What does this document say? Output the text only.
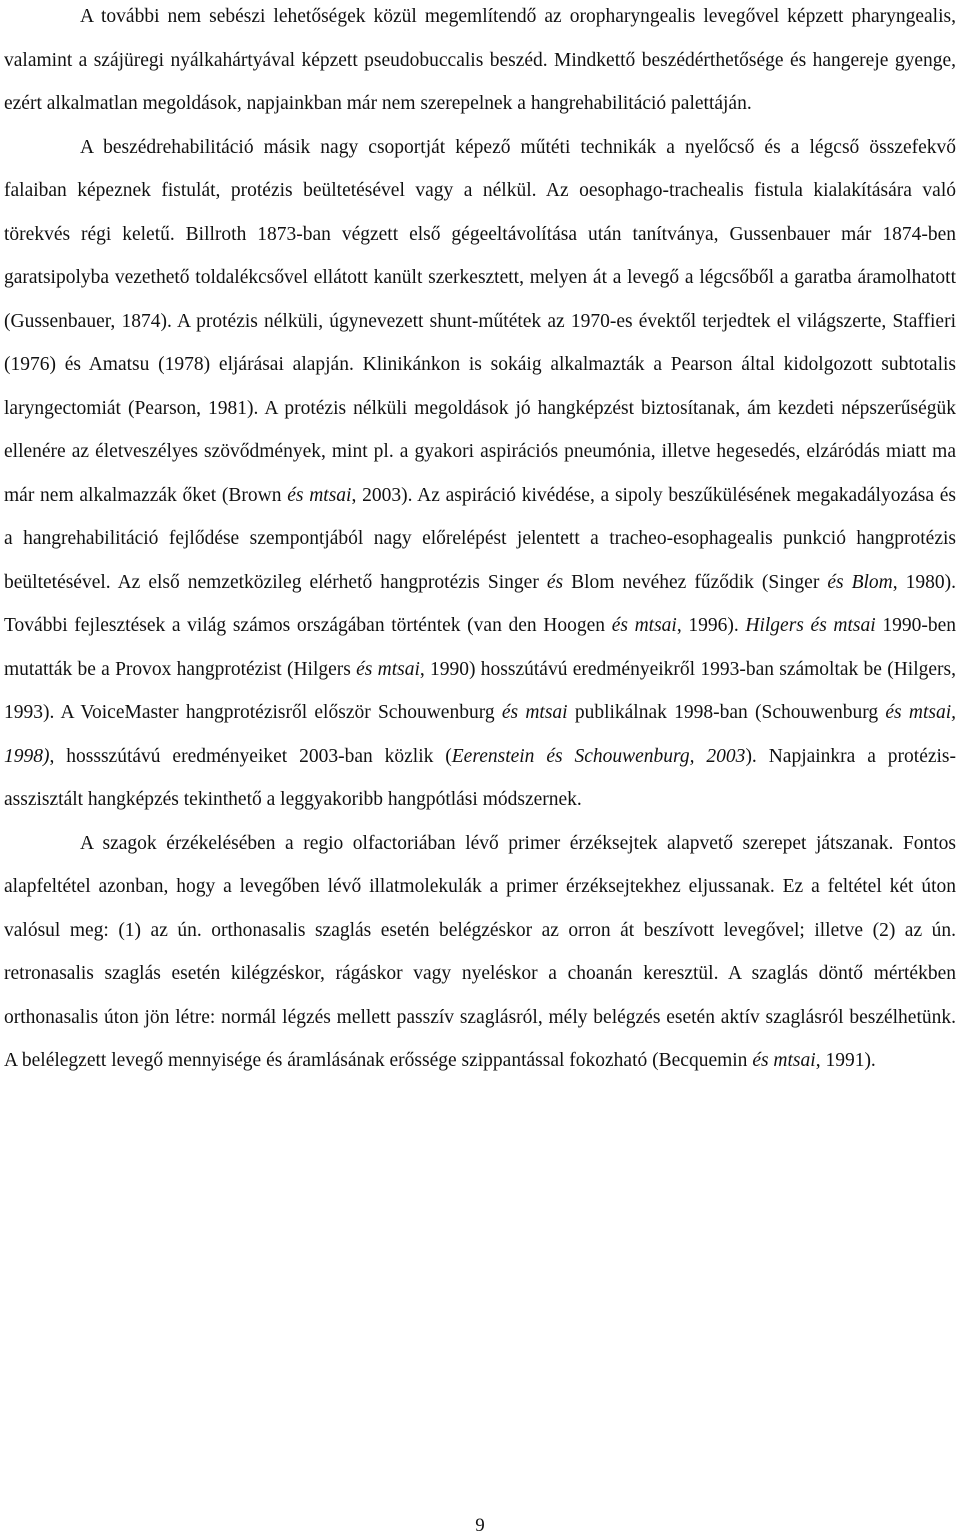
A további nem sebészi lehetőségek közül megemlítendő az oropharyngealis levegővel képzett pharyngealis, valamint a szájüregi nyálkahártyával képzett pseudobuccalis beszéd. Mindkettő beszédérthetősége és hangereje gyenge, ezért alkalmatlan megoldások, napjainkban már nem szerepelnek a hangrehabilitáció palettáján.

A beszédrehabilitáció másik nagy csoportját képező műtéti technikák a nyelőcső és a légcső összefekvő falaiban képeznek fistulát, protézis beültetésével vagy a nélkül. Az oesophago-trachealis fistula kialakítására való törekvés régi keletű. Billroth 1873-ban végzett első gégeeltávolítása után tanítványa, Gussenbauer már 1874-ben garatsipolyba vezethető toldalékcsővel ellátott kanült szerkesztett, melyen át a levegő a légcsőből a garatba áramolhatott (Gussenbauer, 1874). A protézis nélküli, úgynevezett shunt-műtétek az 1970-es évektől terjedtek el világszerte, Staffieri (1976) és Amatsu (1978) eljárásai alapján. Klinikánkon is sokáig alkalmazták a Pearson által kidolgozott subtotalis laryngectomiát (Pearson, 1981). A protézis nélküli megoldások jó hangképzést biztosítanak, ám kezdeti népszerűségük ellenére az életveszélyes szövődmények, mint pl. a gyakori aspirációs pneumónia, illetve hegesedés, elzáródás miatt ma már nem alkalmazzák őket (Brown és mtsai, 2003). Az aspiráció kivédése, a sipoly beszűkülésének megakadályozása és a hangrehabilitáció fejlődése szempontjából nagy előrelépést jelentett a tracheo-esophagealis punkció hangprotézis beültetésével. Az első nemzetközileg elérhető hangprotézis Singer és Blom nevéhez fűződik (Singer és Blom, 1980). További fejlesztések a világ számos országában történtek (van den Hoogen és mtsai, 1996). Hilgers és mtsai 1990-ben mutatták be a Provox hangprotézist (Hilgers és mtsai, 1990) hosszútávú eredményeikről 1993-ban számoltak be (Hilgers, 1993). A VoiceMaster hangprotézisről először Schouwenburg és mtsai publikálnak 1998-ban (Schouwenburg és mtsai, 1998), hossszútávú eredményeiket 2003-ban közlik (Eerenstein és Schouwenburg, 2003). Napjainkra a protézis-asszisztált hangképzés tekinthető a leggyakoribb hangpótlási módszernek.

A szagok érzékelésében a regio olfactoriában lévő primer érzéksejtek alapvető szerepet játszanak. Fontos alapfeltétel azonban, hogy a levegőben lévő illatmolekulák a primer érzéksejtekhez eljussanak. Ez a feltétel két úton valósul meg: (1) az ún. orthonasalis szaglás esetén belégzéskor az orron át beszívott levegővel; illetve (2) az ún. retronasalis szaglás esetén kilégzéskor, rágáskor vagy nyeléskor a choanán keresztül. A szaglás döntő mértékben orthonasalis úton jön létre: normál légzés mellett passzív szaglásról, mély belégzés esetén aktív szaglásról beszélhetünk. A belélegzett levegő mennyisége és áramlásának erőssége szippantással fokozható (Becquemin és mtsai, 1991).

9
